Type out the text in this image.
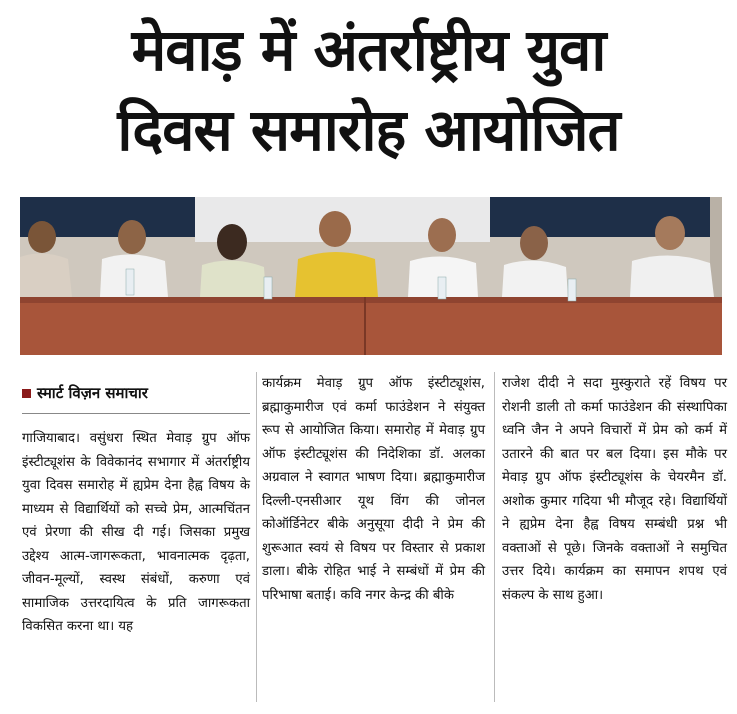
मेवाड़ में अंतर्राष्ट्रीय युवा
दिवस समारोह आयोजित
स्मार्ट विज़न समाचार

गाजियाबाद। वसुंधरा स्थित मेवाड़ ग्रुप ऑफ इंस्टीट्यूशंस के विवेकानंद सभागार में अंतर्राष्ट्रीय युवा दिवस समारोह में ह्यप्रेम देना हैह्व विषय के माध्यम से विद्यार्थियों को सच्चे प्रेम, आत्मचिंतन एवं प्रेरणा की सीख दी गई। जिसका प्रमुख उद्देश्य आत्म-जागरूकता, भावनात्मक दृढ़ता, जीवन-मूल्यों, स्वस्थ संबंधों, करुणा एवं सामाजिक उत्तरदायित्व के प्रति जागरूकता विकसित करना था। यह

कार्यक्रम मेवाड़ ग्रुप ऑफ इंस्टीट्यूशंस, ब्रह्माकुमारीज एवं कर्मा फाउंडेशन ने संयुक्त रूप से आयोजित किया। समारोह में मेवाड़ ग्रुप ऑफ इंस्टीट्यूशंस की निदेशिका डॉ. अलका अग्रवाल ने स्वागत भाषण दिया। ब्रह्माकुमारीज दिल्ली-एनसीआर यूथ विंग की जोनल कोऑर्डिनेटर बीके अनुसूया दीदी ने प्रेम की शुरूआत स्वयं से विषय पर विस्तार से प्रकाश डाला। बीके रोहित भाई ने सम्बंधों में प्रेम की परिभाषा बताई। कवि नगर केन्द्र की बीके

राजेश दीदी ने सदा मुस्कुराते रहें विषय पर रोशनी डाली तो कर्मा फाउंडेशन की संस्थापिका ध्वनि जैन ने अपने विचारों में प्रेम को कर्म में उतारने की बात पर बल दिया। इस मौके पर मेवाड़ ग्रुप ऑफ इंस्टीट्यूशंस के चेयरमैन डॉ. अशोक कुमार गदिया भी मौजूद रहे। विद्यार्थियों ने ह्यप्रेम देना हैह्व विषय सम्बंधी प्रश्न भी वक्ताओं से पूछे। जिनके वक्ताओं ने समुचित उत्तर दिये। कार्यक्रम का समापन शपथ एवं संकल्प के साथ हुआ।
